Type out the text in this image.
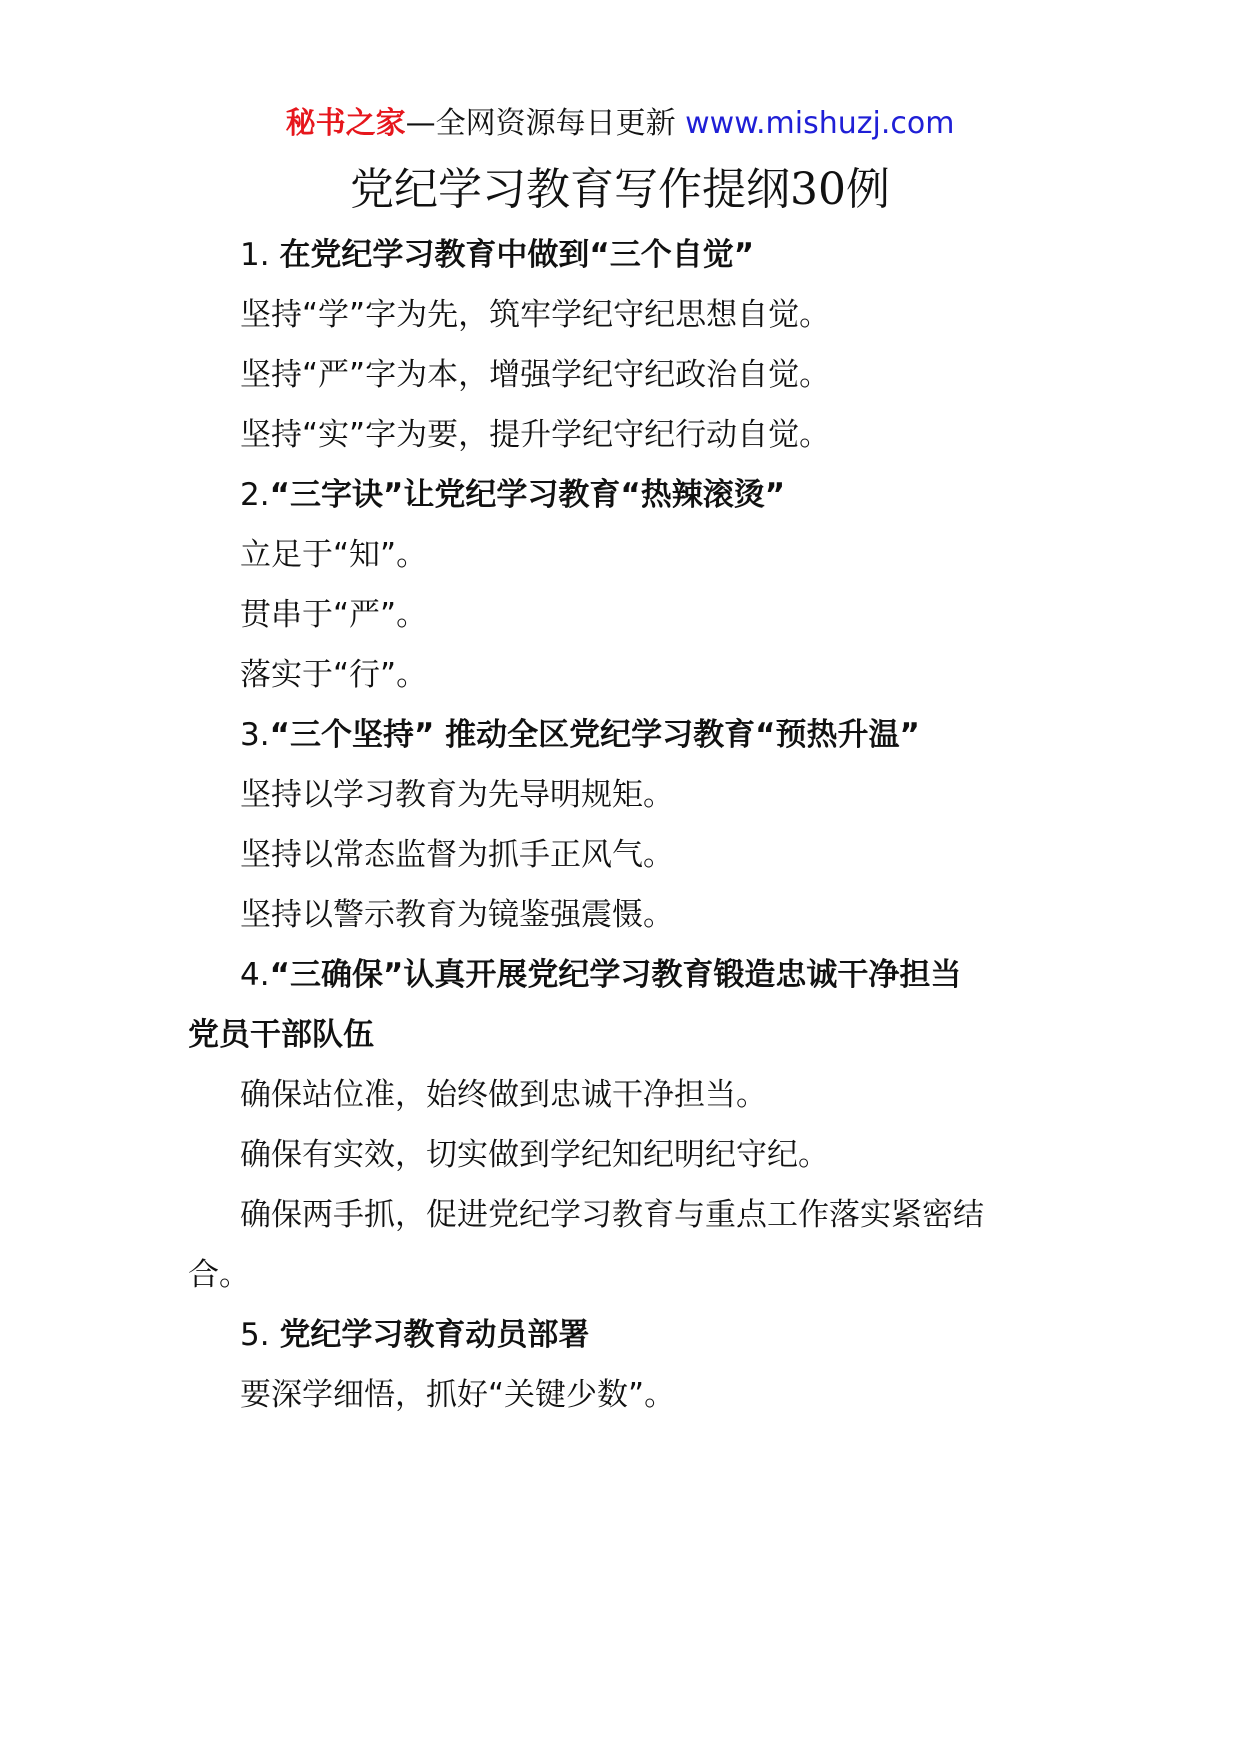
秘书之家—全网资源每日更新 www.mishuzj.com
党纪学习教育写作提纲30例
1. 在党纪学习教育中做到“三个自觉”
坚持“学”字为先，筑牢学纪守纪思想自觉。
坚持“严”字为本，增强学纪守纪政治自觉。
坚持“实”字为要，提升学纪守纪行动自觉。
2.“三字诀”让党纪学习教育“热辣滚烫”
立足于“知”。
贯串于“严”。
落实于“行”。
3.“三个坚持” 推动全区党纪学习教育“预热升温”
坚持以学习教育为先导明规矩。
坚持以常态监督为抓手正风气。
坚持以警示教育为镜鉴强震慑。
4.“三确保”认真开展党纪学习教育锻造忠诚干净担当
党员干部队伍
确保站位准，始终做到忠诚干净担当。
确保有实效，切实做到学纪知纪明纪守纪。
确保两手抓，促进党纪学习教育与重点工作落实紧密结
合。
5. 党纪学习教育动员部署
要深学细悟，抓好“关键少数”。
